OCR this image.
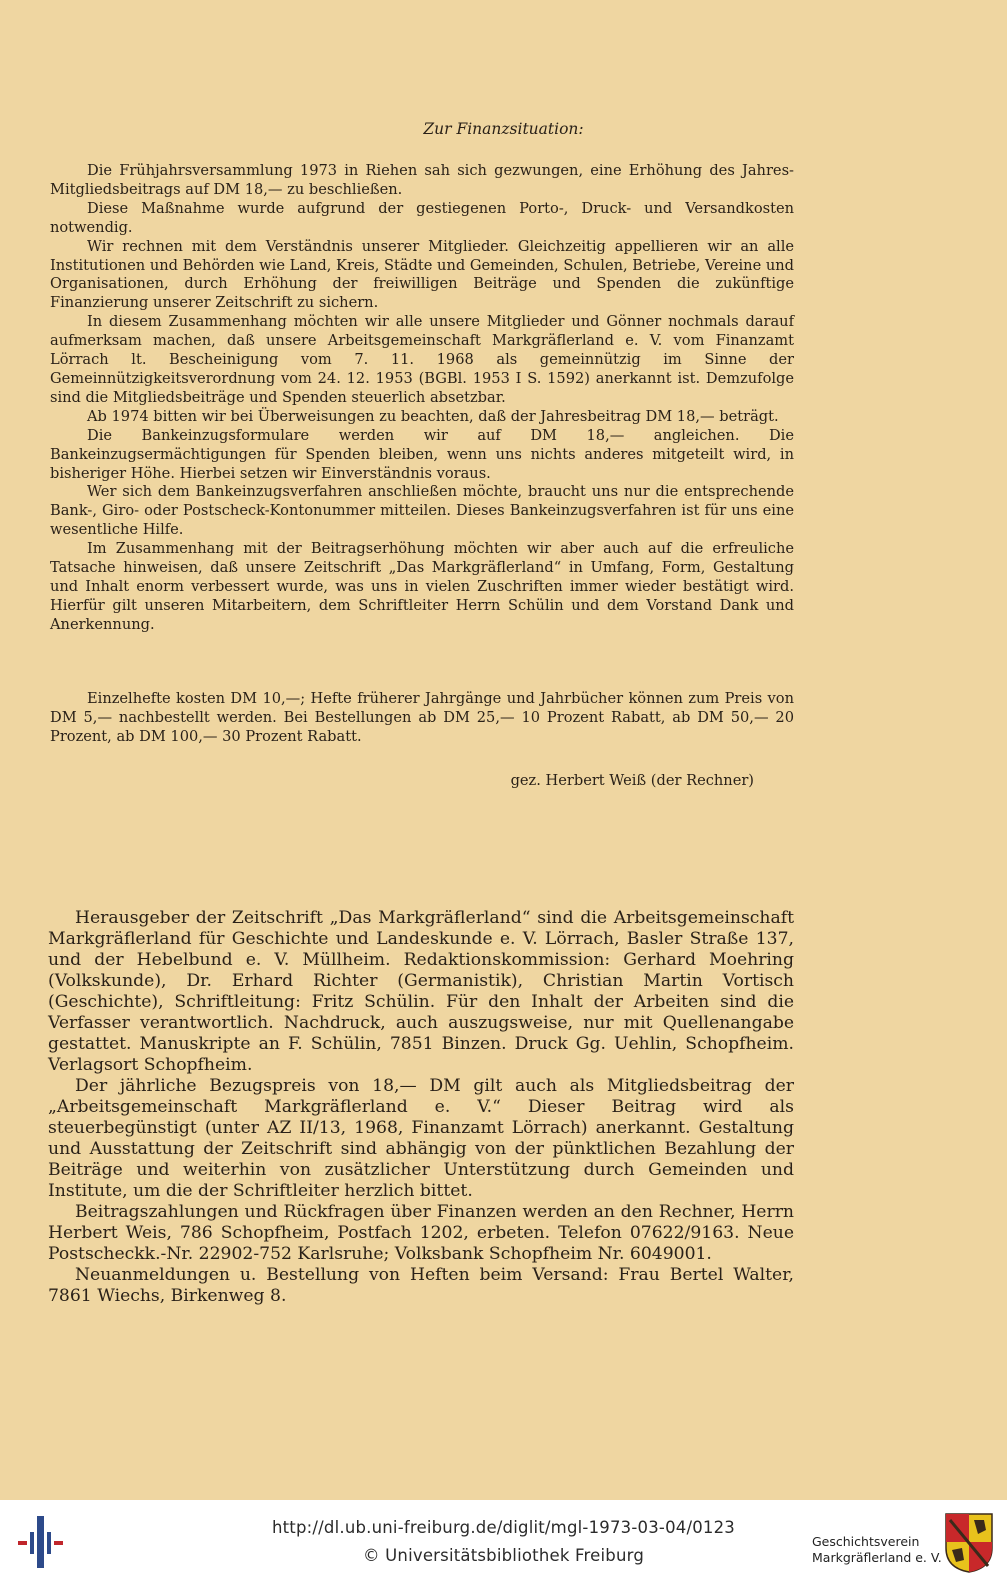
Zur Finanzsituation:

Die Frühjahrsversammlung 1973 in Riehen sah sich gezwungen, eine Erhöhung des Jahres-Mitgliedsbeitrags auf DM 18,— zu beschließen.

Diese Maßnahme wurde aufgrund der gestiegenen Porto-, Druck- und Versandkosten notwendig.

Wir rechnen mit dem Verständnis unserer Mitglieder. Gleichzeitig appellieren wir an alle Institutionen und Behörden wie Land, Kreis, Städte und Gemeinden, Schulen, Betriebe, Vereine und Organisationen, durch Erhöhung der freiwilligen Beiträge und Spenden die zukünftige Finanzierung unserer Zeitschrift zu sichern.

In diesem Zusammenhang möchten wir alle unsere Mitglieder und Gönner nochmals darauf aufmerksam machen, daß unsere Arbeitsgemeinschaft Markgräflerland e. V. vom Finanzamt Lörrach lt. Bescheinigung vom 7. 11. 1968 als gemeinnützig im Sinne der Gemeinnützigkeitsverordnung vom 24. 12. 1953 (BGBl. 1953 I S. 1592) anerkannt ist. Demzufolge sind die Mitgliedsbeiträge und Spenden steuerlich absetzbar.

Ab 1974 bitten wir bei Überweisungen zu beachten, daß der Jahresbeitrag DM 18,— beträgt.

Die Bankeinzugsformulare werden wir auf DM 18,— angleichen. Die Bankeinzugsermächtigungen für Spenden bleiben, wenn uns nichts anderes mitgeteilt wird, in bisheriger Höhe. Hierbei setzen wir Einverständnis voraus.

Wer sich dem Bankeinzugsverfahren anschließen möchte, braucht uns nur die entsprechende Bank-, Giro- oder Postscheck-Kontonummer mitteilen. Dieses Bankeinzugsverfahren ist für uns eine wesentliche Hilfe.

Im Zusammenhang mit der Beitragserhöhung möchten wir aber auch auf die erfreuliche Tatsache hinweisen, daß unsere Zeitschrift „Das Markgräflerland“ in Umfang, Form, Gestaltung und Inhalt enorm verbessert wurde, was uns in vielen Zuschriften immer wieder bestätigt wird. Hierfür gilt unseren Mitarbeitern, dem Schriftleiter Herrn Schülin und dem Vorstand Dank und Anerkennung.

Einzelhefte kosten DM 10,—; Hefte früherer Jahrgänge und Jahrbücher können zum Preis von DM 5,— nachbestellt werden. Bei Bestellungen ab DM 25,— 10 Prozent Rabatt, ab DM 50,— 20 Prozent, ab DM 100,— 30 Prozent Rabatt.

gez. Herbert Weiß (der Rechner)

Herausgeber der Zeitschrift „Das Markgräflerland“ sind die Arbeitsgemeinschaft Markgräflerland für Geschichte und Landeskunde e. V. Lörrach, Basler Straße 137, und der Hebelbund e. V. Müllheim. Redaktionskommission: Gerhard Moehring (Volkskunde), Dr. Erhard Richter (Germanistik), Christian Martin Vortisch (Geschichte), Schriftleitung: Fritz Schülin. Für den Inhalt der Arbeiten sind die Verfasser verantwortlich. Nachdruck, auch auszugsweise, nur mit Quellenangabe gestattet. Manuskripte an F. Schülin, 7851 Binzen. Druck Gg. Uehlin, Schopfheim. Verlagsort Schopfheim.

Der jährliche Bezugspreis von 18,— DM gilt auch als Mitgliedsbeitrag der „Arbeitsgemeinschaft Markgräflerland e. V.“ Dieser Beitrag wird als steuerbegünstigt (unter AZ II/13, 1968, Finanzamt Lörrach) anerkannt. Gestaltung und Ausstattung der Zeitschrift sind abhängig von der pünktlichen Bezahlung der Beiträge und weiterhin von zusätzlicher Unterstützung durch Gemeinden und Institute, um die der Schriftleiter herzlich bittet.

Beitragszahlungen und Rückfragen über Finanzen werden an den Rechner, Herrn Herbert Weis, 786 Schopfheim, Postfach 1202, erbeten. Telefon 07622/9163. Neue Postscheckk.-Nr. 22902-752 Karlsruhe; Volksbank Schopfheim Nr. 6049001.

Neuanmeldungen u. Bestellung von Heften beim Versand: Frau Bertel Walter, 7861 Wiechs, Birkenweg 8.

http://dl.ub.uni-freiburg.de/diglit/mgl-1973-03-04/0123
© Universitätsbibliothek Freiburg
Geschichtsverein
Markgräflerland e. V.
